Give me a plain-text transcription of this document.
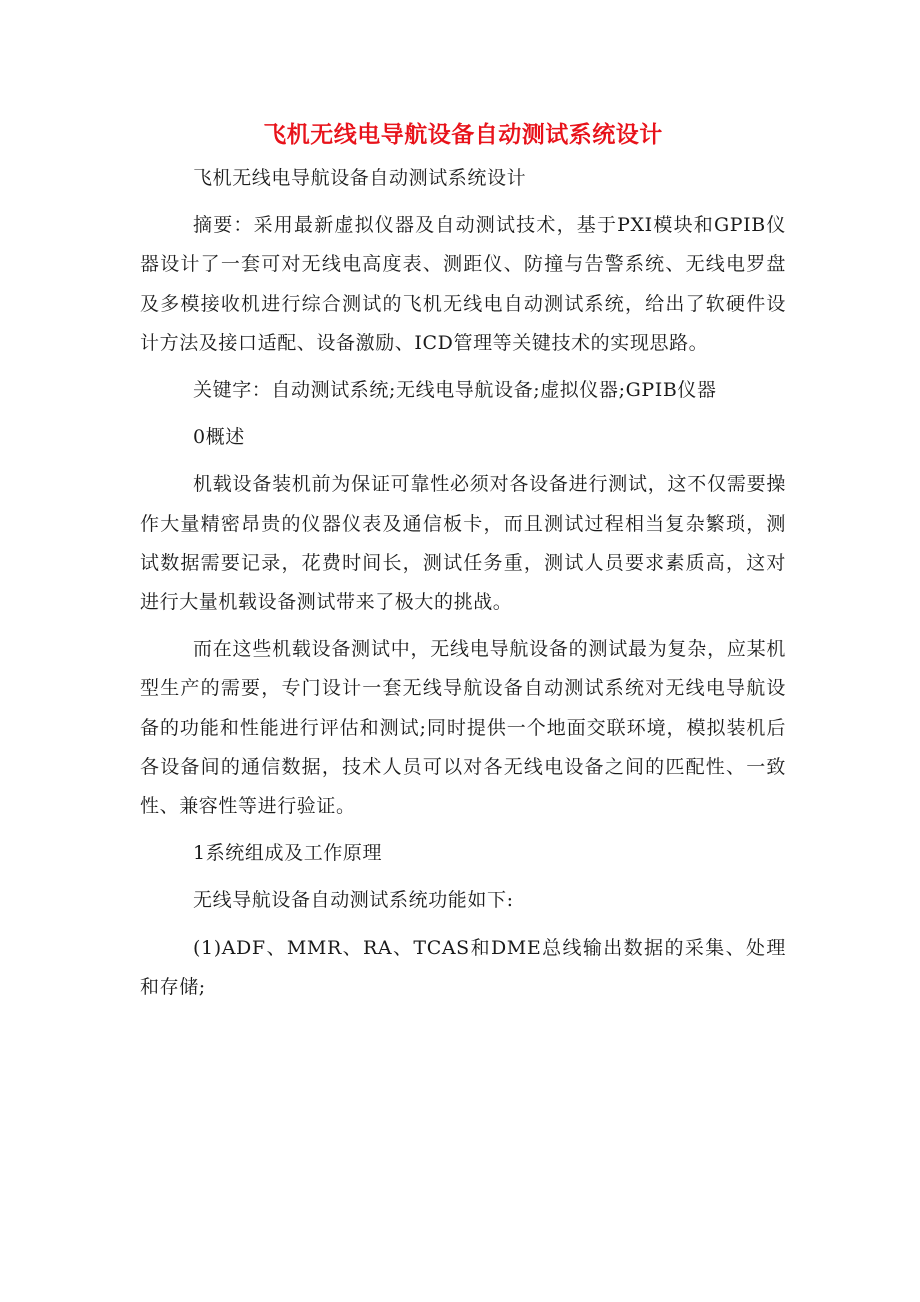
飞机无线电导航设备自动测试系统设计

飞机无线电导航设备自动测试系统设计

摘要：采用最新虚拟仪器及自动测试技术，基于PXI模块和GPIB仪器设计了一套可对无线电高度表、测距仪、防撞与告警系统、无线电罗盘及多模接收机进行综合测试的飞机无线电自动测试系统，给出了软硬件设计方法及接口适配、设备激励、ICD管理等关键技术的实现思路。

关键字：自动测试系统;无线电导航设备;虚拟仪器;GPIB仪器

0概述

机载设备装机前为保证可靠性必须对各设备进行测试，这不仅需要操作大量精密昂贵的仪器仪表及通信板卡，而且测试过程相当复杂繁琐，测试数据需要记录，花费时间长，测试任务重，测试人员要求素质高，这对进行大量机载设备测试带来了极大的挑战。

而在这些机载设备测试中，无线电导航设备的测试最为复杂，应某机型生产的需要，专门设计一套无线导航设备自动测试系统对无线电导航设备的功能和性能进行评估和测试;同时提供一个地面交联环境，模拟装机后各设备间的通信数据，技术人员可以对各无线电设备之间的匹配性、一致性、兼容性等进行验证。

1系统组成及工作原理

无线导航设备自动测试系统功能如下:

(1)ADF、MMR、RA、TCAS和DME总线输出数据的采集、处理和存储;
